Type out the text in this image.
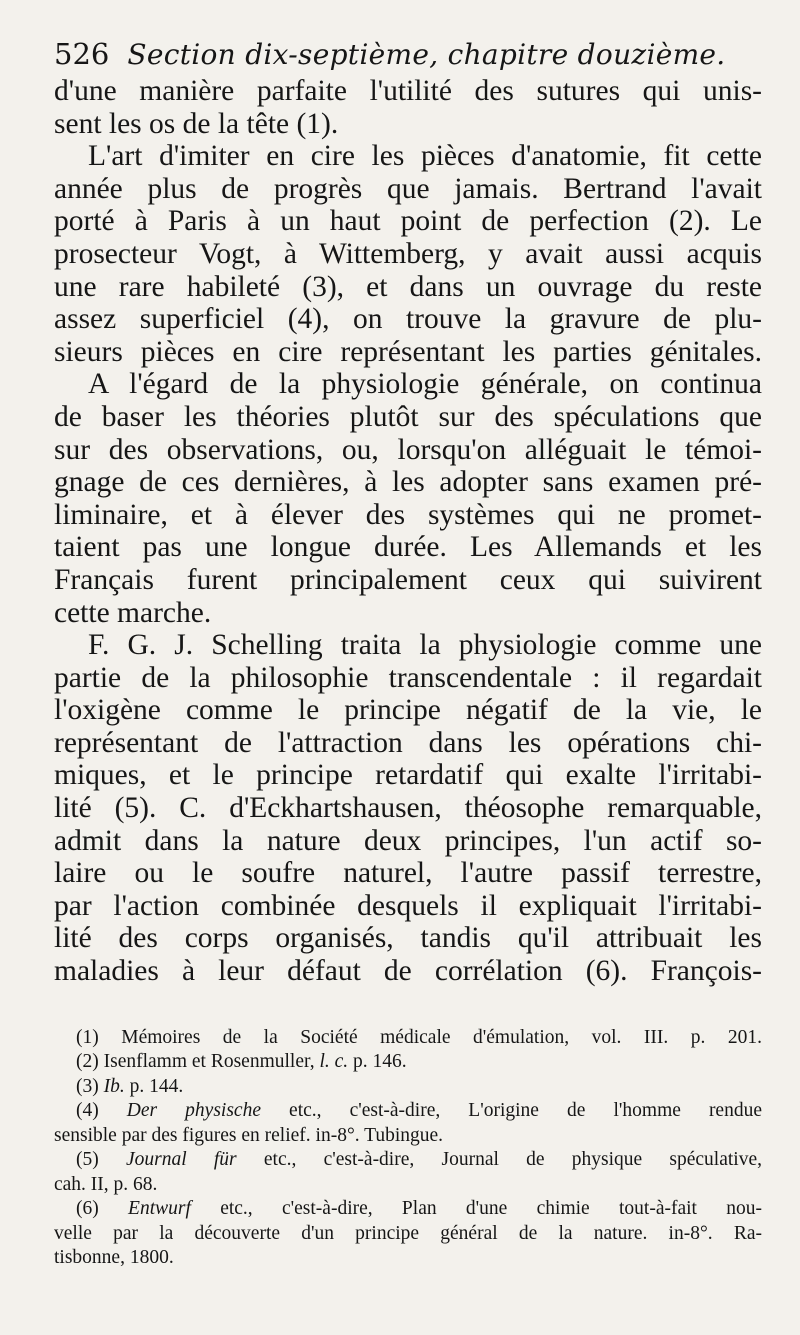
526 Section dix-septième, chapitre douzième.
d'une manière parfaite l'utilité des sutures qui unis-
sent les os de la tête (1).
L'art d'imiter en cire les pièces d'anatomie, fit cette
année plus de progrès que jamais. Bertrand l'avait
porté à Paris à un haut point de perfection (2). Le
prosecteur Vogt, à Wittemberg, y avait aussi acquis
une rare habileté (3), et dans un ouvrage du reste
assez superficiel (4), on trouve la gravure de plu-
sieurs pièces en cire représentant les parties génitales.
A l'égard de la physiologie générale, on continua
de baser les théories plutôt sur des spéculations que
sur des observations, ou, lorsqu'on alléguait le témoi-
gnage de ces dernières, à les adopter sans examen pré-
liminaire, et à élever des systèmes qui ne promet-
taient pas une longue durée. Les Allemands et les
Français furent principalement ceux qui suivirent
cette marche.
F. G. J. Schelling traita la physiologie comme une
partie de la philosophie transcendentale : il regardait
l'oxigène comme le principe négatif de la vie, le
représentant de l'attraction dans les opérations chi-
miques, et le principe retardatif qui exalte l'irritabi-
lité (5). C. d'Eckhartshausen, théosophe remarquable,
admit dans la nature deux principes, l'un actif so-
laire ou le soufre naturel, l'autre passif terrestre,
par l'action combinée desquels il expliquait l'irritabi-
lité des corps organisés, tandis qu'il attribuait les
maladies à leur défaut de corrélation (6). François-
(1) Mémoires de la Société médicale d'émulation, vol. III. p. 201.
(2) Isenflamm et Rosenmuller, l. c. p. 146.
(3) Ib. p. 144.
(4) Der physische etc., c'est-à-dire, L'origine de l'homme rendue
sensible par des figures en relief. in-8°. Tubingue.
(5) Journal für etc., c'est-à-dire, Journal de physique spéculative,
cah. II, p. 68.
(6) Entwurf etc., c'est-à-dire, Plan d'une chimie tout-à-fait nou-
velle par la découverte d'un principe général de la nature. in-8°. Ra-
tisbonne, 1800.
